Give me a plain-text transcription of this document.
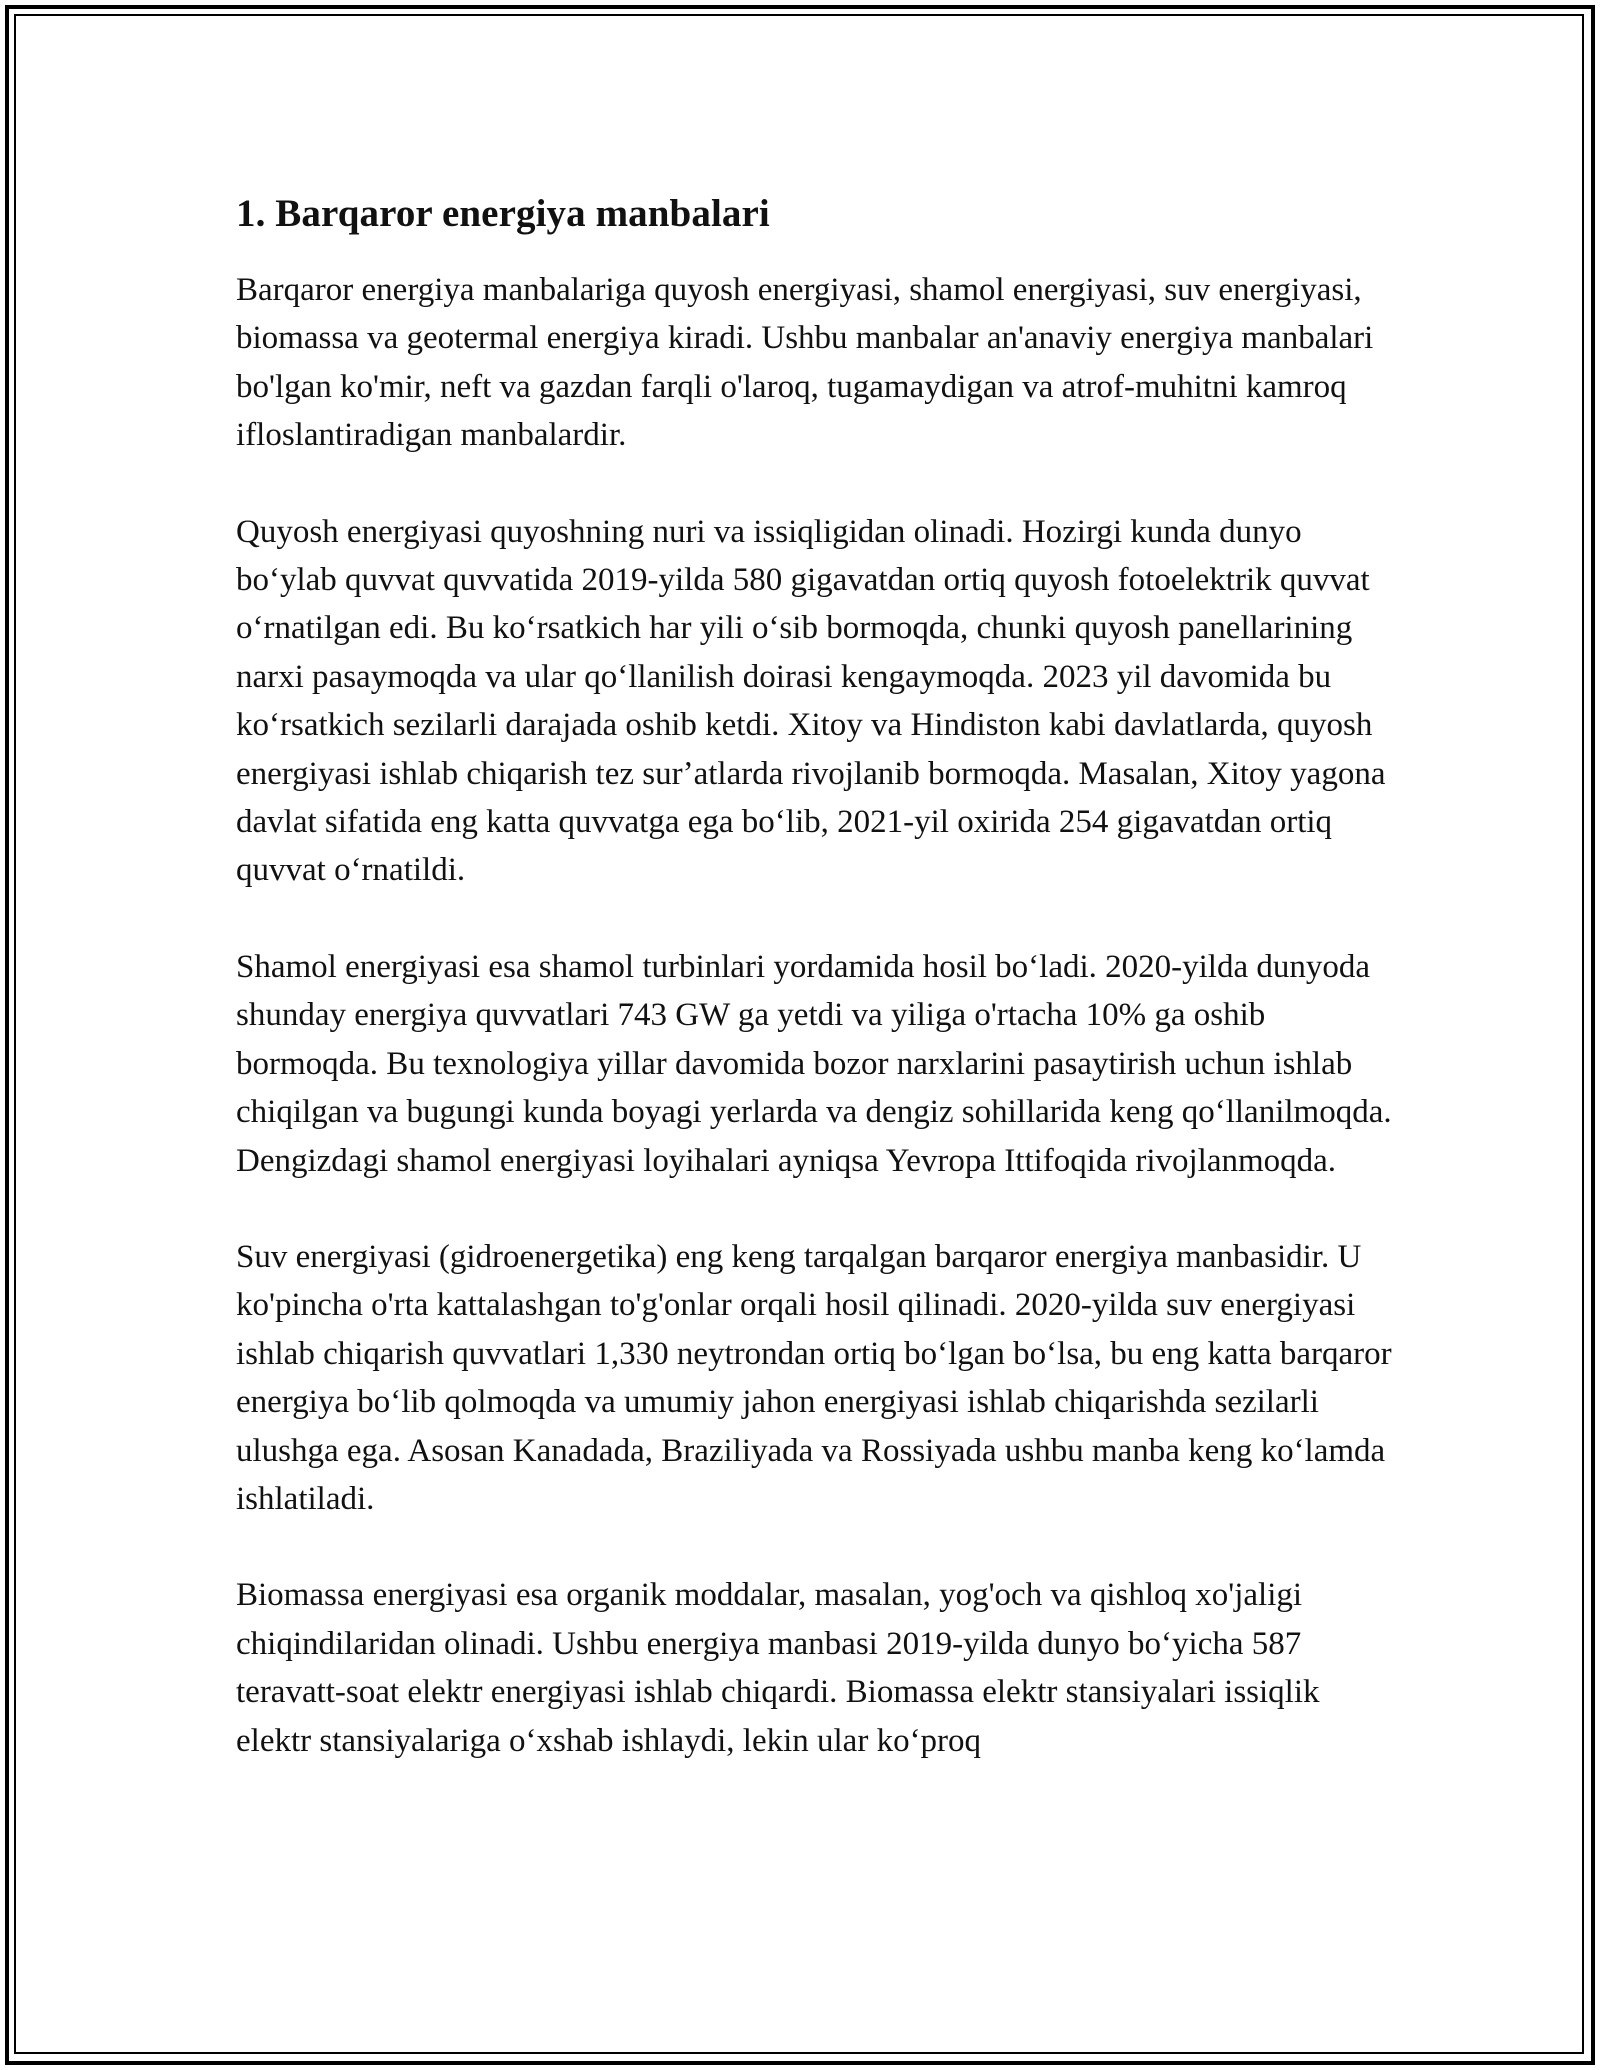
1. Barqaror energiya manbalari

Barqaror energiya manbalariga quyosh energiyasi, shamol energiyasi, suv energiyasi, biomassa va geotermal energiya kiradi. Ushbu manbalar an'anaviy energiya manbalari bo'lgan ko'mir, neft va gazdan farqli o'laroq, tugamaydigan va atrof-muhitni kamroq ifloslantiradigan manbalardir.

Quyosh energiyasi quyoshning nuri va issiqligidan olinadi. Hozirgi kunda dunyo boʻylab quvvat quvvatida 2019-yilda 580 gigavatdan ortiq quyosh fotoelektrik quvvat oʻrnatilgan edi. Bu koʻrsatkich har yili oʻsib bormoqda, chunki quyosh panellarining narxi pasaymoqda va ular qoʻllanilish doirasi kengaymoqda. 2023 yil davomida bu koʻrsatkich sezilarli darajada oshib ketdi. Xitoy va Hindiston kabi davlatlarda, quyosh energiyasi ishlab chiqarish tez surʼatlarda rivojlanib bormoqda. Masalan, Xitoy yagona davlat sifatida eng katta quvvatga ega boʻlib, 2021-yil oxirida 254 gigavatdan ortiq quvvat oʻrnatildi.

Shamol energiyasi esa shamol turbinlari yordamida hosil boʻladi. 2020-yilda dunyoda shunday energiya quvvatlari 743 GW ga yetdi va yiliga o'rtacha 10% ga oshib bormoqda. Bu texnologiya yillar davomida bozor narxlarini pasaytirish uchun ishlab chiqilgan va bugungi kunda boyagi yerlarda va dengiz sohillarida keng qoʻllanilmoqda. Dengizdagi shamol energiyasi loyihalari ayniqsa Yevropa Ittifoqida rivojlanmoqda.

Suv energiyasi (gidroenergetika) eng keng tarqalgan barqaror energiya manbasidir. U ko'pincha o'rta kattalashgan to'g'onlar orqali hosil qilinadi. 2020-yilda suv energiyasi ishlab chiqarish quvvatlari 1,330 neytrondan ortiq boʻlgan boʻlsa, bu eng katta barqaror energiya boʻlib qolmoqda va umumiy jahon energiyasi ishlab chiqarishda sezilarli ulushga ega. Asosan Kanadada, Braziliyada va Rossiyada ushbu manba keng koʻlamda ishlatiladi.

Biomassa energiyasi esa organik moddalar, masalan, yog'och va qishloq xo'jaligi chiqindilaridan olinadi. Ushbu energiya manbasi 2019-yilda dunyo boʻyicha 587 teravatt-soat elektr energiyasi ishlab chiqardi. Biomassa elektr stansiyalari issiqlik elektr stansiyalariga oʻxshab ishlaydi, lekin ular koʻproq
